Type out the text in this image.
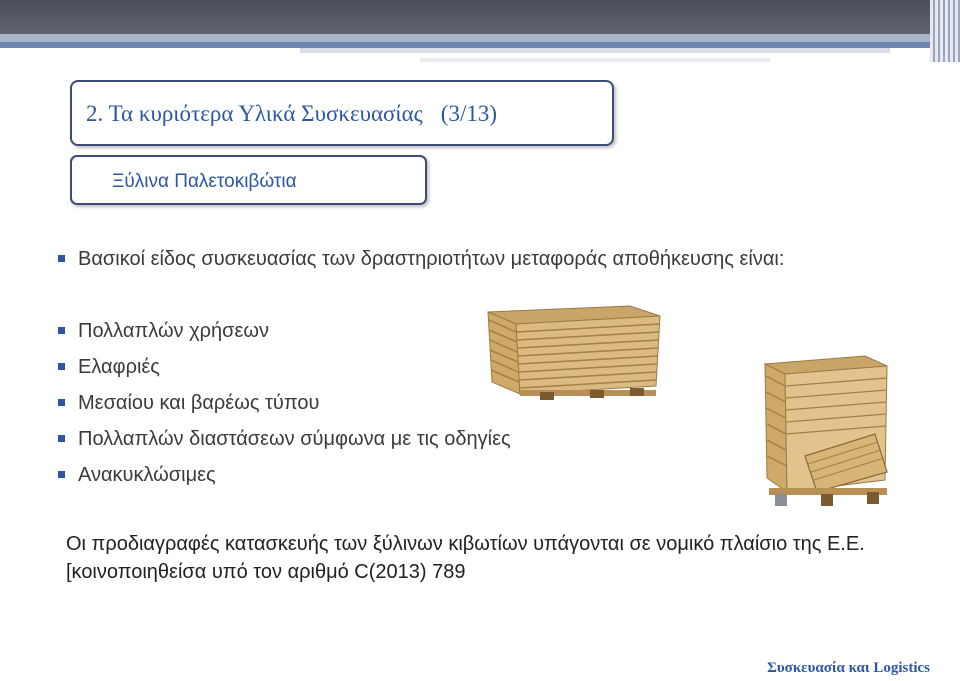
2. Τα κυριότερα Υλικά Συσκευασίας (3/13)
Ξύλινα Παλετοκιβώτια
Βασικοί είδος συσκευασίας των δραστηριοτήτων μεταφοράς αποθήκευσης είναι:
Πολλαπλών χρήσεων
Ελαφριές
Μεσαίου και βαρέως τύπου
Πολλαπλών διαστάσεων σύμφωνα με τις οδηγίες
Ανακυκλώσιμες
Οι προδιαγραφές κατασκευής των ξύλινων κιβωτίων υπάγονται σε νομικό πλαίσιο της Ε.Ε. [κοινοποιηθείσα υπό τον αριθμό C(2013) 789
Συσκευασία και Logistics
